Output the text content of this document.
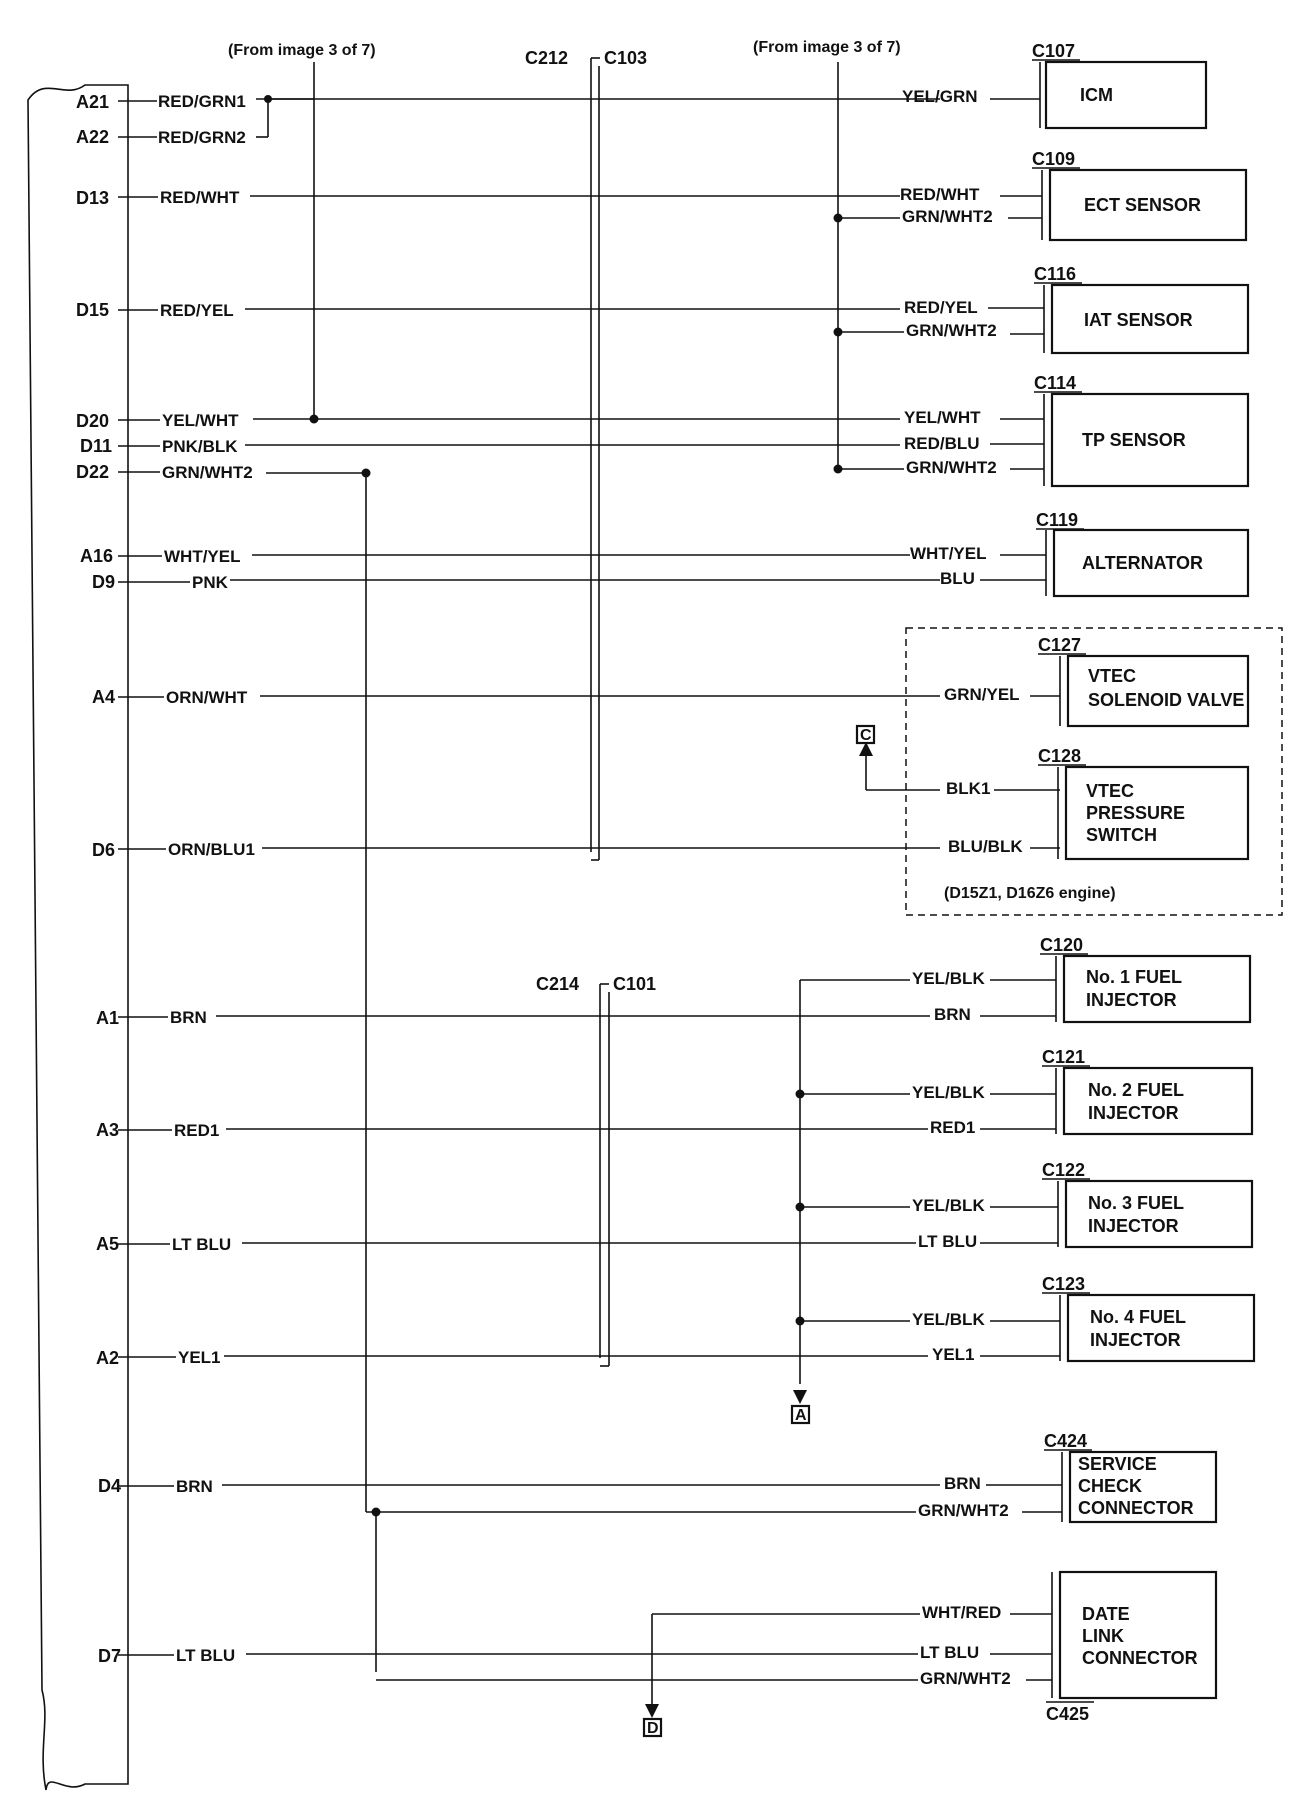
(From image 3 of 7)	(From image 3 of 7)
C212 C103
C214 C101
A21	RED/GRN1	YEL/GRN
A22	RED/GRN2
D13	RED/WHT	RED/WHT
D15	RED/YEL	RED/YEL
D20	YEL/WHT	YEL/WHT
D11	PNK/BLK	RED/BLU
D22	GRN/WHT2
A16	WHT/YEL	WHT/YEL
D9	PNK	BLU
A4	ORN/WHT	GRN/YEL
D6	ORN/BLU1	BLU/BLK
A1	BRN	BRN
A3	RED1	RED1
A5	LT BLU	LT BLU
A2	YEL1	YEL1
D4	BRN	BRN
D7	LT BLU	LT BLU
GRN/WHT2
GRN/WHT2
GRN/WHT2
C
BLK1
YEL/BLK
YEL/BLK
YEL/BLK
YEL/BLK
A
GRN/WHT2
D
WHT/RED
GRN/WHT2
C107
ICM
C109
ECT SENSOR
C116
IAT SENSOR
C114
TP SENSOR
C119
ALTERNATOR
C127
VTEC
SOLENOID VALVE
C128
VTEC
PRESSURE
SWITCH
(D15Z1, D16Z6 engine)
C120
No. 1 FUEL
INJECTOR
C121
No. 2 FUEL
INJECTOR
C122
No. 3 FUEL
INJECTOR
C123
No. 4 FUEL
INJECTOR
C424
SERVICE
CHECK
CONNECTOR
C425
DATE
LINK
CONNECTOR
